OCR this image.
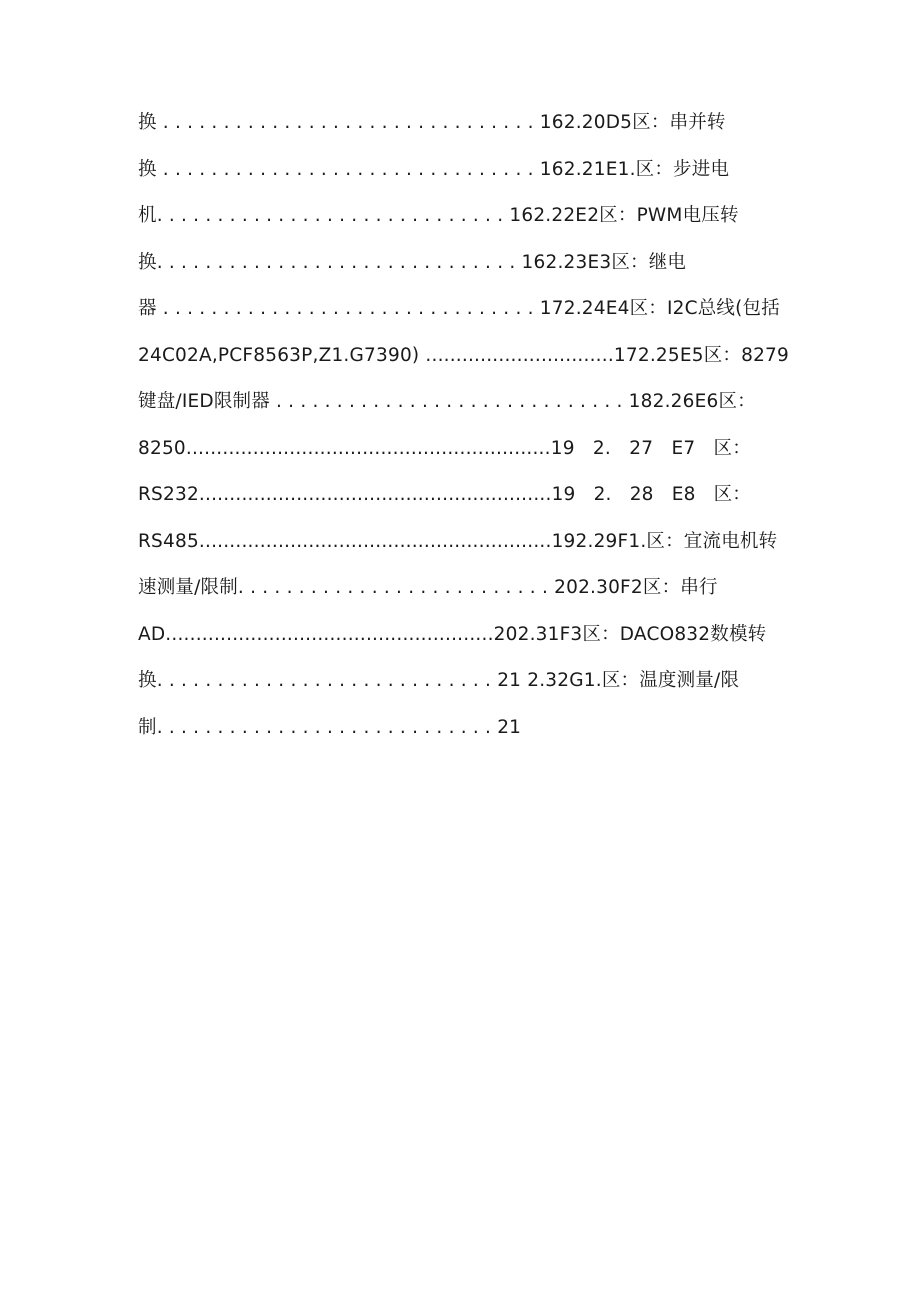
换 . . . . . . . . . . . . . . . . . . . . . . . . . . . . . . . 162.20D5区：串并转
换 . . . . . . . . . . . . . . . . . . . . . . . . . . . . . . . 162.21E1.区：步进电
机. . . . . . . . . . . . . . . . . . . . . . . . . . . . . 162.22E2区：PWM电压转
换. . . . . . . . . . . . . . . . . . . . . . . . . . . . . . 162.23E3区：继电
器 . . . . . . . . . . . . . . . . . . . . . . . . . . . . . . . 172.24E4区：I2C总线(包括
24C02A,PCF8563P,Z1.G7390) ...............................172.25E5区：8279
键盘/IED限制器 . . . . . . . . . . . . . . . . . . . . . . . . . . . . . 182.26E6区：
8250............................................................19 2. 27 E7 区：
RS232..........................................................19 2. 28 E8 区：
RS485..........................................................192.29F1.区：宜流电机转
速测量/限制. . . . . . . . . . . . . . . . . . . . . . . . . . 202.30F2区：串行
AD......................................................202.31F3区：DACO832数模转
换. . . . . . . . . . . . . . . . . . . . . . . . . . . . 21 2.32G1.区：温度测量/限
制. . . . . . . . . . . . . . . . . . . . . . . . . . . . 21
